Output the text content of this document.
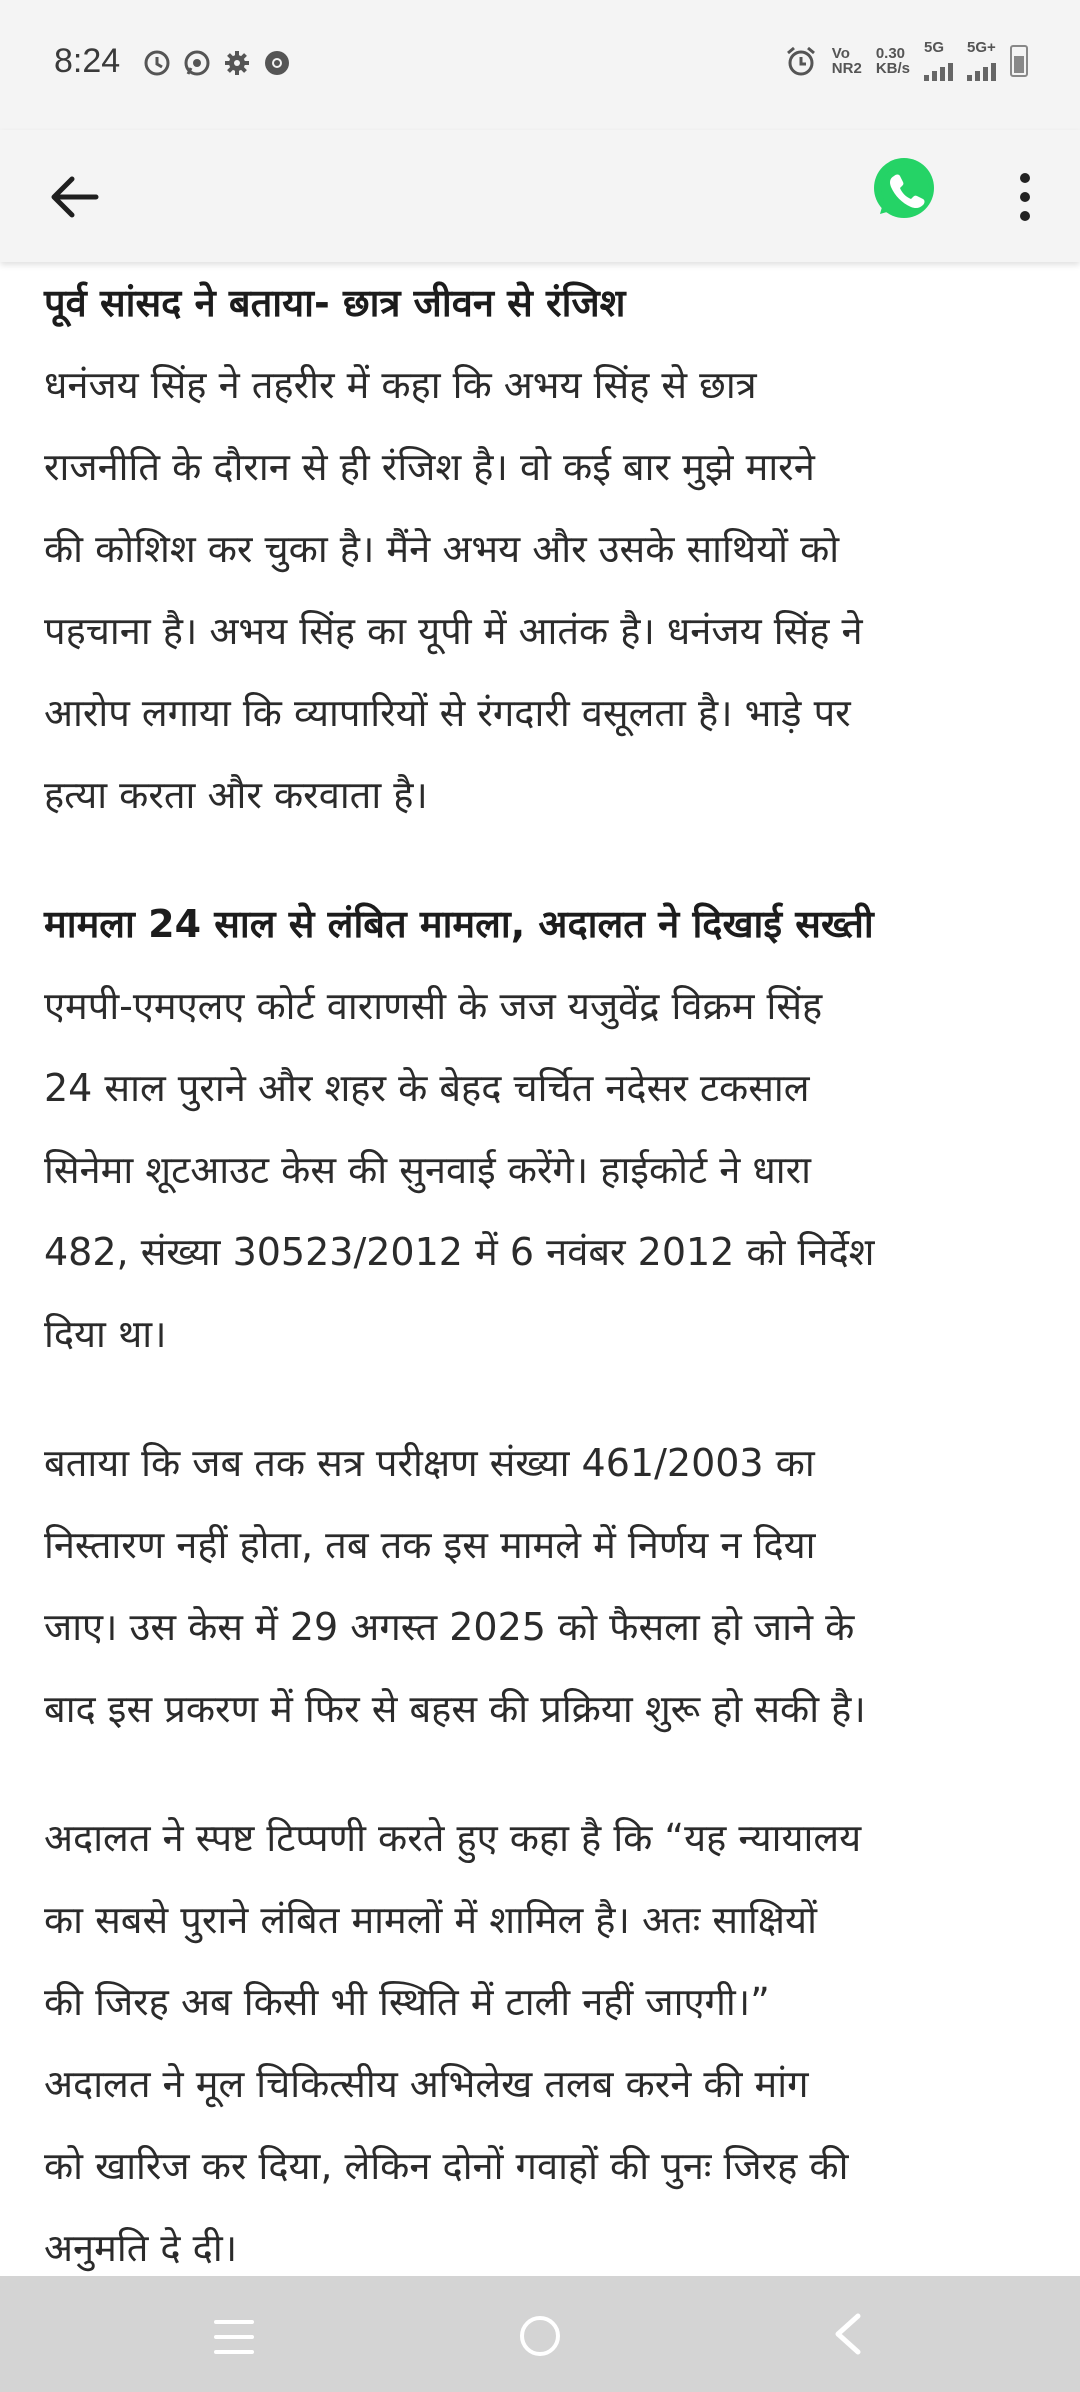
8:24	Vo
NR2
0.30
KB/s
5G	5G+

पूर्व सांसद ने बताया- छात्र जीवन से रंजिश

धनंजय सिंह ने तहरीर में कहा कि अभय सिंह से छात्र
राजनीति के दौरान से ही रंजिश है। वो कई बार मुझे मारने
की कोशिश कर चुका है। मैंने अभय और उसके साथियों को
पहचाना है। अभय सिंह का यूपी में आतंक है। धनंजय सिंह ने
आरोप लगाया कि व्यापारियों से रंगदारी वसूलता है। भाड़े पर
हत्या करता और करवाता है।

मामला 24 साल से लंबित मामला, अदालत ने दिखाई सख्ती

एमपी-एमएलए कोर्ट वाराणसी के जज यजुवेंद्र विक्रम सिंह
24 साल पुराने और शहर के बेहद चर्चित नदेसर टकसाल
सिनेमा शूटआउट केस की सुनवाई करेंगे। हाईकोर्ट ने धारा
482, संख्या 30523/2012 में 6 नवंबर 2012 को निर्देश
दिया था।

बताया कि जब तक सत्र परीक्षण संख्या 461/2003 का
निस्तारण नहीं होता, तब तक इस मामले में निर्णय न दिया
जाए। उस केस में 29 अगस्त 2025 को फैसला हो जाने के
बाद इस प्रकरण में फिर से बहस की प्रक्रिया शुरू हो सकी है।

अदालत ने स्पष्ट टिप्पणी करते हुए कहा है कि “यह न्यायालय
का सबसे पुराने लंबित मामलों में शामिल है। अतः साक्षियों
की जिरह अब किसी भी स्थिति में टाली नहीं जाएगी।”
अदालत ने मूल चिकित्सीय अभिलेख तलब करने की मांग
को खारिज कर दिया, लेकिन दोनों गवाहों की पुनः जिरह की
अनुमति दे दी।
